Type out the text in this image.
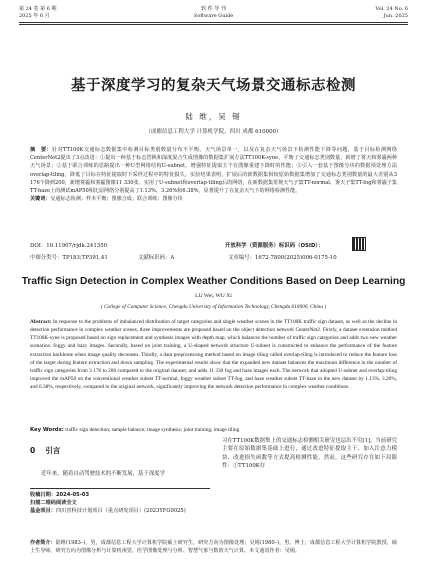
第 24 卷 第 6 期
2025 年 6 月
软 件 导 刊
Software Guide
Vol. 24 No. 6
Jun. 2025
基于深度学习的复杂天气场景交通标志检测
陆 维，吴 锡
（成都信息工程大学 计算机学院，四川 成都 610000）
摘　要：针对TT100K交通标志数据集中检测目标类别数量分布不平衡、天气场景单一，以及在复杂天气场景下检测性能下降等问题，基于目标检测网络CenterNet2提出了3点改进：①提出一种基于标志替换和深度混合生成图像的数据集扩展方法TT100K-syne，平衡了交通标志类别数量，新增了雾天和雾霾两种天气场景；②基于联合训练的思路提出一种U型网络结构U-subnet，增强特征提取主干在图像重建下降时的性能；③引入一套基于图像分块的数据预处理方法overlap-tiling，降低了目标在特征提取时下采样过程中的特征损失。实验结果表明，扩展后的新数据集相较原始数据集增加了交通标志类别数量的最大差别从3 176个降到200，新增雾霾和雾霾图像11 330张。实用了U-subnet和overlap-tiling后的网络，在新数据集常规天气子集TT-normal、雾天子集TT-fog和雾霾子集TT-haze上的测试mAP50相比原网络分别提高了1.13%、3.26%和6.38%，显著提升了在复杂天气下的网络检测性能。
关键词：交通标志检测；样本平衡；图像合成；联合训练；图像分块
DOI：10.11907/rjdk.241350	开放科学（资源服务）标识码（OSID）：
中图分类号：TP183;TP391.41	文献标识码：A	文章编号：1672-7800(2025)006-0175-10
Traffic Sign Detection in Complex Weather Conditions Based on Deep Learning
LU Wei, WU Xi
( College of Computer Science, Chengdu University of Information Technology, Chengdu 610000, China )
Abstract: In response to the problems of imbalanced distribution of target categories and single weather scenes in the TT100K traffic sign dataset, as well as the decline in detection performance in complex weather scenes, three improvements are proposed based on the object detection network CenterNet2. Firstly, a dataset extension method TT100K-syne is proposed based on sign replacement and synthesis images with depth map, which balances the number of traffic sign categories and adds two new weather scenarios: foggy and hazy images. Secondly, based on joint training, a U-shaped network structure U-subnet is constructed to enhance the performance of the feature extraction backbone when image quality decreases. Thirdly, a data preprocessing method based on image tiling called overlap-tiling is introduced to reduce the feature loss of the target during feature extraction and down sampling. The experimental results show that the expanded new dataset balances the maximum difference in the number of traffic sign categories from 3 176 to 200 compared to the original dataset, and adds 11 330 fog and haze images each. The network that adopted U-subnet and overlap-tiling improved the mAP50 on the conventional weather subset TT-normal, foggy weather subset TT-fog, and haze weather subset TT-haze in the new dataset by 1.13%, 3.26%, and 6.38%, respectively, compared to the original network, significantly improving the network detection performance in complex weather conditions.
Key Words: traffic sign detection; sample balance; image synthesis; joint training; image tiling
0 引言
近年来，随着自动驾驶技术的不断发展，基于深度学
习在TT100K数据集上的交通标志检测相关研究也层出不穷[1]。当前研究主要在原始数据集基础上进行，通过改进特征提取主干、加入注意力模块、改进损失函数等方式提高检测性能。然而，这些研究存在如下局限性：①TT100K存
收稿日期：2024-05-03
扫描二维码阅读全文
基金项目：四川省科技计划项目（重点研发项目）(2023YFG0025)
作者简介：陆维(1983–)，男，成都信息工程大学计算机学院硕士研究生，研究方向为图像处理；吴锡(1980–)，男，博士，成都信息工程大学计算机学院教授、硕士生导师，研究方向为图像分析与计算机视觉、医学图像处理与分析、智慧气象与数值天气计算。本文通讯作者：吴锡。
